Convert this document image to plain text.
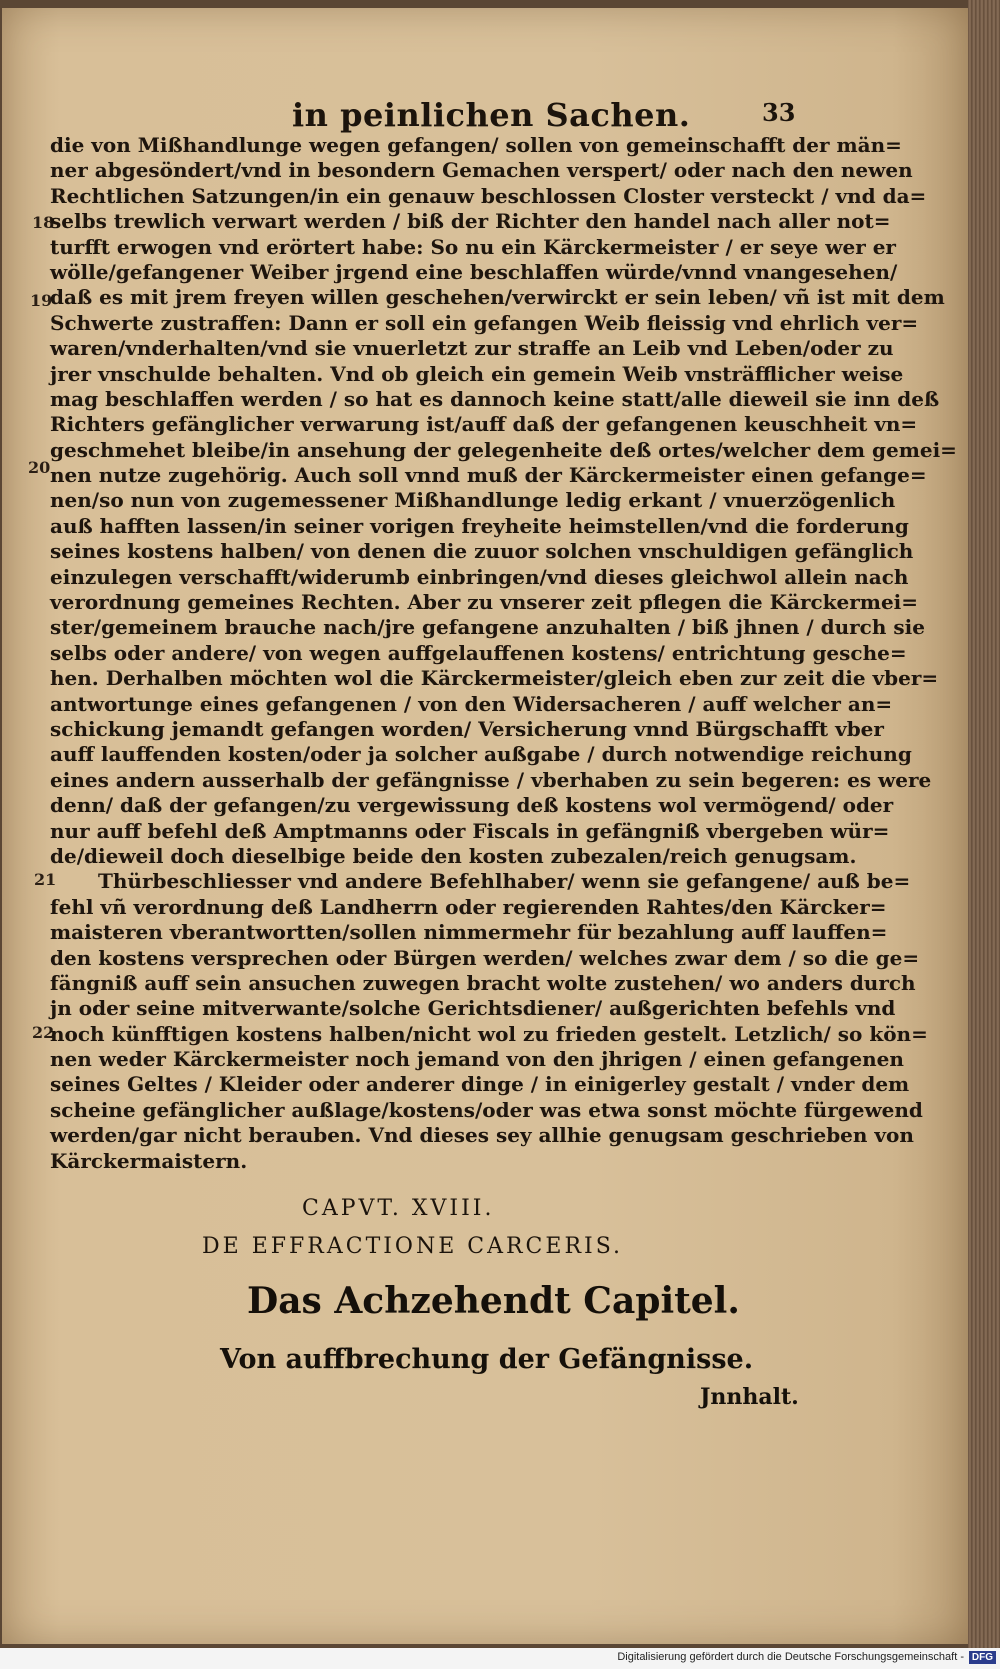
in peinlichen Sachen.	33
18
19
20
21
22
die von Mißhandlunge wegen gefangen/ sollen von gemeinschafft der män=
ner abgesöndert/vnd in besondern Gemachen verspert/ oder nach den newen
Rechtlichen Satzungen/in ein genauw beschlossen Closter versteckt / vnd da=
selbs trewlich verwart werden / biß der Richter den handel nach aller not=
turfft erwogen vnd erörtert habe: So nu ein Kärckermeister / er seye wer er
wölle/gefangener Weiber jrgend eine beschlaffen würde/vnnd vnangesehen/
daß es mit jrem freyen willen geschehen/verwirckt er sein leben/ vñ ist mit dem
Schwerte zustraffen: Dann er soll ein gefangen Weib fleissig vnd ehrlich ver=
waren/vnderhalten/vnd sie vnuerletzt zur straffe an Leib vnd Leben/oder zu
jrer vnschulde behalten. Vnd ob gleich ein gemein Weib vnsträfflicher weise
mag beschlaffen werden / so hat es dannoch keine statt/alle dieweil sie inn deß
Richters gefänglicher verwarung ist/auff daß der gefangenen keuschheit vn=
geschmehet bleibe/in ansehung der gelegenheite deß ortes/welcher dem gemei=
nen nutze zugehörig. Auch soll vnnd muß der Kärckermeister einen gefange=
nen/so nun von zugemessener Mißhandlunge ledig erkant / vnuerzögenlich
auß hafften lassen/in seiner vorigen freyheite heimstellen/vnd die forderung
seines kostens halben/ von denen die zuuor solchen vnschuldigen gefänglich
einzulegen verschafft/widerumb einbringen/vnd dieses gleichwol allein nach
verordnung gemeines Rechten. Aber zu vnserer zeit pflegen die Kärckermei=
ster/gemeinem brauche nach/jre gefangene anzuhalten / biß jhnen / durch sie
selbs oder andere/ von wegen auffgelauffenen kostens/ entrichtung gesche=
hen. Derhalben möchten wol die Kärckermeister/gleich eben zur zeit die vber=
antwortunge eines gefangenen / von den Widersacheren / auff welcher an=
schickung jemandt gefangen worden/ Versicherung vnnd Bürgschafft vber
auff lauffenden kosten/oder ja solcher außgabe / durch notwendige reichung
eines andern ausserhalb der gefängnisse / vberhaben zu sein begeren: es were
denn/ daß der gefangen/zu vergewissung deß kostens wol vermögend/ oder
nur auff befehl deß Amptmanns oder Fiscals in gefängniß vbergeben wür=
de/dieweil doch dieselbige beide den kosten zubezalen/reich genugsam.
Thürbeschliesser vnd andere Befehlhaber/ wenn sie gefangene/ auß be=
fehl vñ verordnung deß Landherrn oder regierenden Rahtes/den Kärcker=
maisteren vberantwortten/sollen nimmermehr für bezahlung auff lauffen=
den kostens versprechen oder Bürgen werden/ welches zwar dem / so die ge=
fängniß auff sein ansuchen zuwegen bracht wolte zustehen/ wo anders durch
jn oder seine mitverwante/solche Gerichtsdiener/ außgerichten befehls vnd
noch künfftigen kostens halben/nicht wol zu frieden gestelt. Letzlich/ so kön=
nen weder Kärckermeister noch jemand von den jhrigen / einen gefangenen
seines Geltes / Kleider oder anderer dinge / in einigerley gestalt / vnder dem
scheine gefänglicher außlage/kostens/oder was etwa sonst möchte fürgewend
werden/gar nicht berauben. Vnd dieses sey allhie genugsam geschrieben von
Kärckermaistern.
CAPVT. XVIII.
DE EFFRACTIONE CARCERIS.
Das Achzehendt Capitel.
Von auffbrechung der Gefängnisse.
Jnnhalt.
Digitalisierung gefördert durch die Deutsche Forschungsgemeinschaft - DFG
